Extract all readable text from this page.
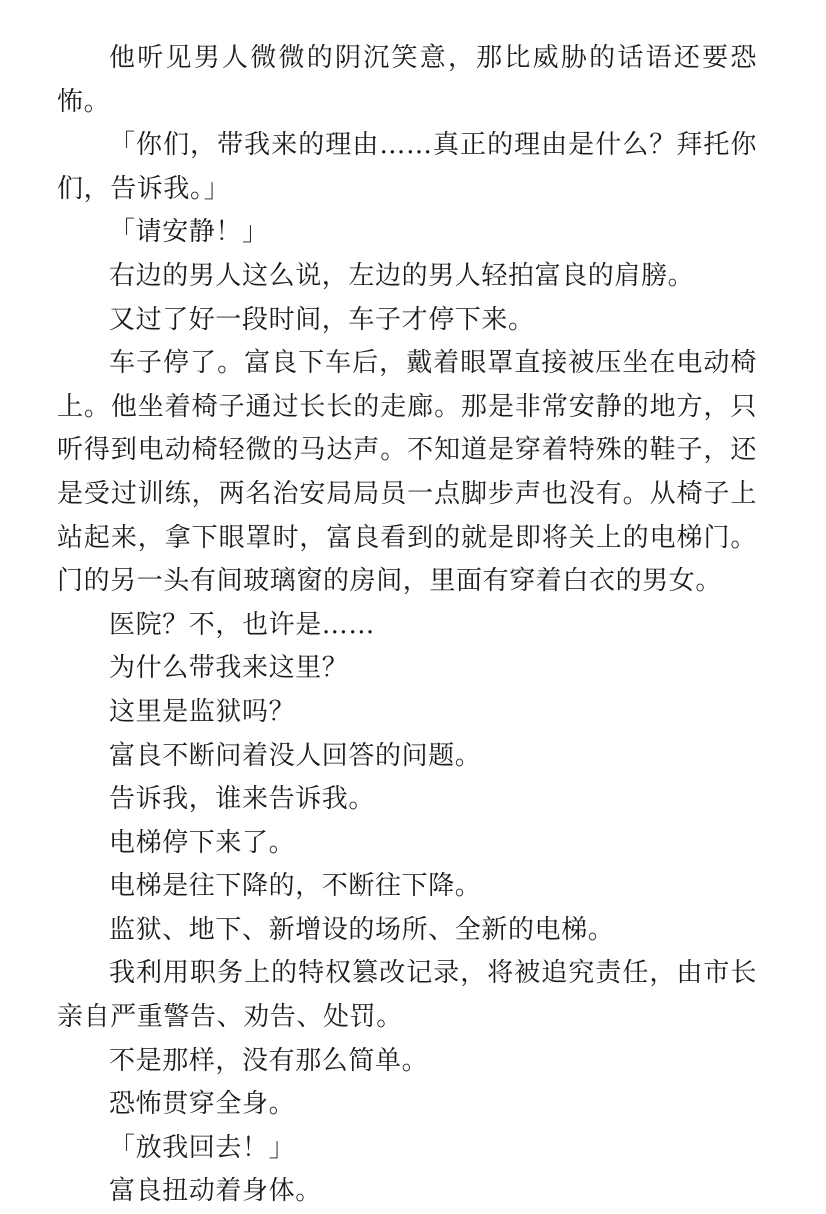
他听见男人微微的阴沉笑意，那比威胁的话语还要恐怖。

「你们，带我来的理由……真正的理由是什么？拜托你们，告诉我。」

「请安静！」

右边的男人这么说，左边的男人轻拍富良的肩膀。

又过了好一段时间，车子才停下来。

车子停了。富良下车后，戴着眼罩直接被压坐在电动椅上。他坐着椅子通过长长的走廊。那是非常安静的地方，只听得到电动椅轻微的马达声。不知道是穿着特殊的鞋子，还是受过训练，两名治安局局员一点脚步声也没有。从椅子上站起来，拿下眼罩时，富良看到的就是即将关上的电梯门。门的另一头有间玻璃窗的房间，里面有穿着白衣的男女。

医院？不，也许是……

为什么带我来这里？

这里是监狱吗？

富良不断问着没人回答的问题。

告诉我，谁来告诉我。

电梯停下来了。

电梯是往下降的，不断往下降。

监狱、地下、新增设的场所、全新的电梯。

我利用职务上的特权篡改记录，将被追究责任，由市长亲自严重警告、劝告、处罚。

不是那样，没有那么简单。

恐怖贯穿全身。

「放我回去！」

富良扭动着身体。
